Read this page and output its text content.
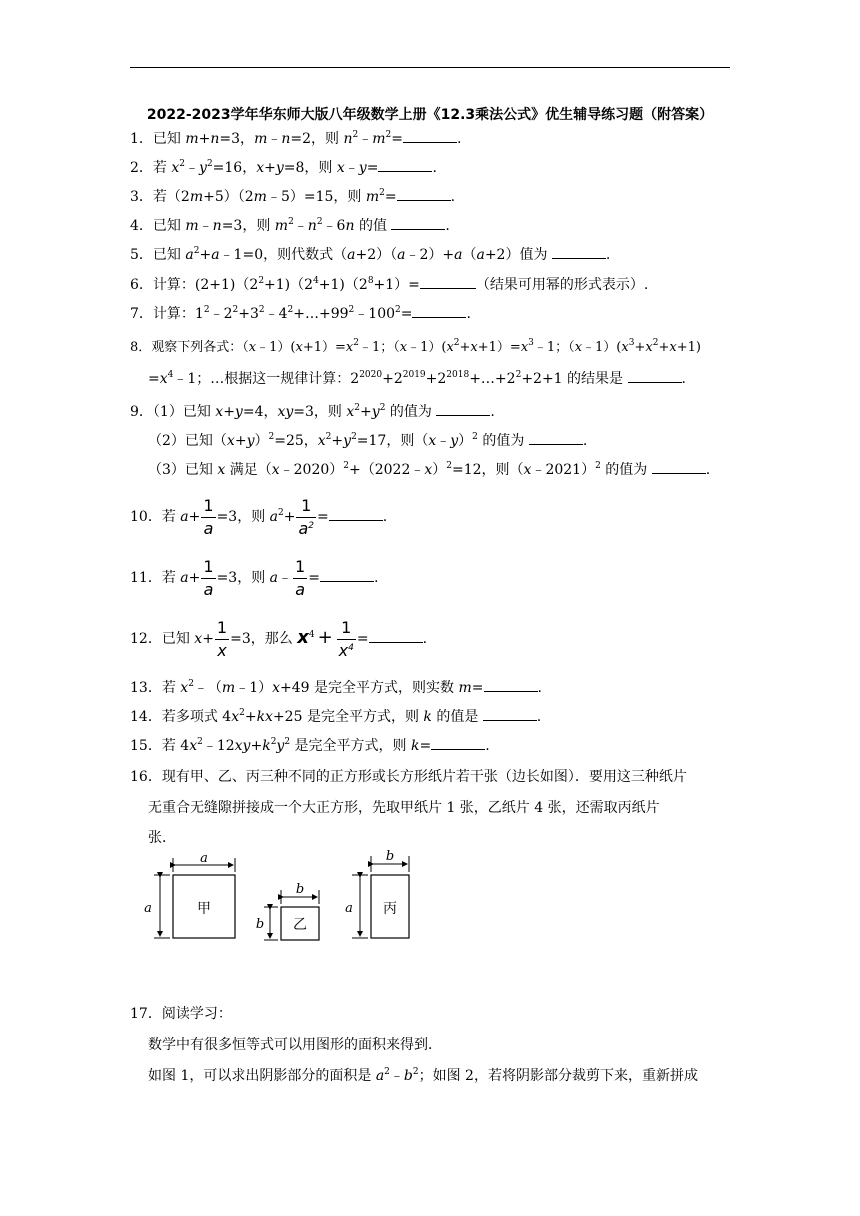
2022-2023学年华东师大版八年级数学上册《12.3乘法公式》优生辅导练习题（附答案）
1．已知 m+n=3，m﹣n=2，则 $n^2﹣m^2=$	.
2．若 $x^2﹣y^2=16$，x+y=8，则 x﹣y=	.
3．若（2m+5）（2m﹣5）=15，则 $m^2=$	.
4．已知 m﹣n=3，则 $m^2﹣n^2﹣6n$ 的值	.
5．已知 $a^2+a﹣1=0$，则代数式（a+2）（a﹣2）+a（a+2）值为	.
6．计算：$(2+1)(2^2+1)(2^4+1)(2^8+1)=$	（结果可用幂的形式表示）.
7．计算：$1^2﹣2^2+3^2﹣4^2+\dots+99^2﹣100^2=$	.
8．观察下列各式：$(x﹣1)(x+1)=x^2﹣1$；$(x﹣1)(x^2+x+1)=x^3﹣1$；$(x﹣1)(x^3+x^2+x+1)$
$=x^4﹣1$；…根据这一规律计算：$2^{2020}+2^{2019}+2^{2018}+\dots+2^2+2+1$ 的结果是	.
9．（1）已知 x+y=4，xy=3，则 $x^2+y^2$ 的值为	.
（2）已知$(x+y)^2=25$，$x^2+y^2=17$，则（x﹣y）$^2$ 的值为	.
（3）已知 x 满足（x﹣2020）$^2$+（2022﹣x）$^2$=12，则（x﹣2021）$^2$ 的值为	.
10．若 $a+ \frac{1}{a} =3$，则 $a^2+ \frac{1}{a^2}$ =	.
11．若 $a+ \frac{1}{a} =3$，则 a﹣ $\frac{1}{a}$ =	.
12．已知 $x+ \frac{1}{x} =3$，那么 $x^4 + \frac{1}{x^4}$ =	.
13．若 $x^2﹣(m﹣1)x+49$ 是完全平方式，则实数 m=	.
14．若多项式 $4x^2+kx+25$ 是完全平方式，则 k 的值是	.
15．若 $4x^2﹣12xy+k^2y^2$ 是完全平方式，则 k=	.
16．现有甲、乙、丙三种不同的正方形或长方形纸片若干张（边长如图）．要用这三种纸片
无重合无缝隙拼接成一个大正方形，先取甲纸片 1 张，乙纸片 4 张，还需取丙纸片
张．
a
a	甲
b
b 乙
b
a 丙
17．阅读学习：
数学中有很多恒等式可以用图形的面积来得到．
如图 1，可以求出阴影部分的面积是 $a^2﹣b^2$；如图 2，若将阴影部分裁剪下来，重新拼成
